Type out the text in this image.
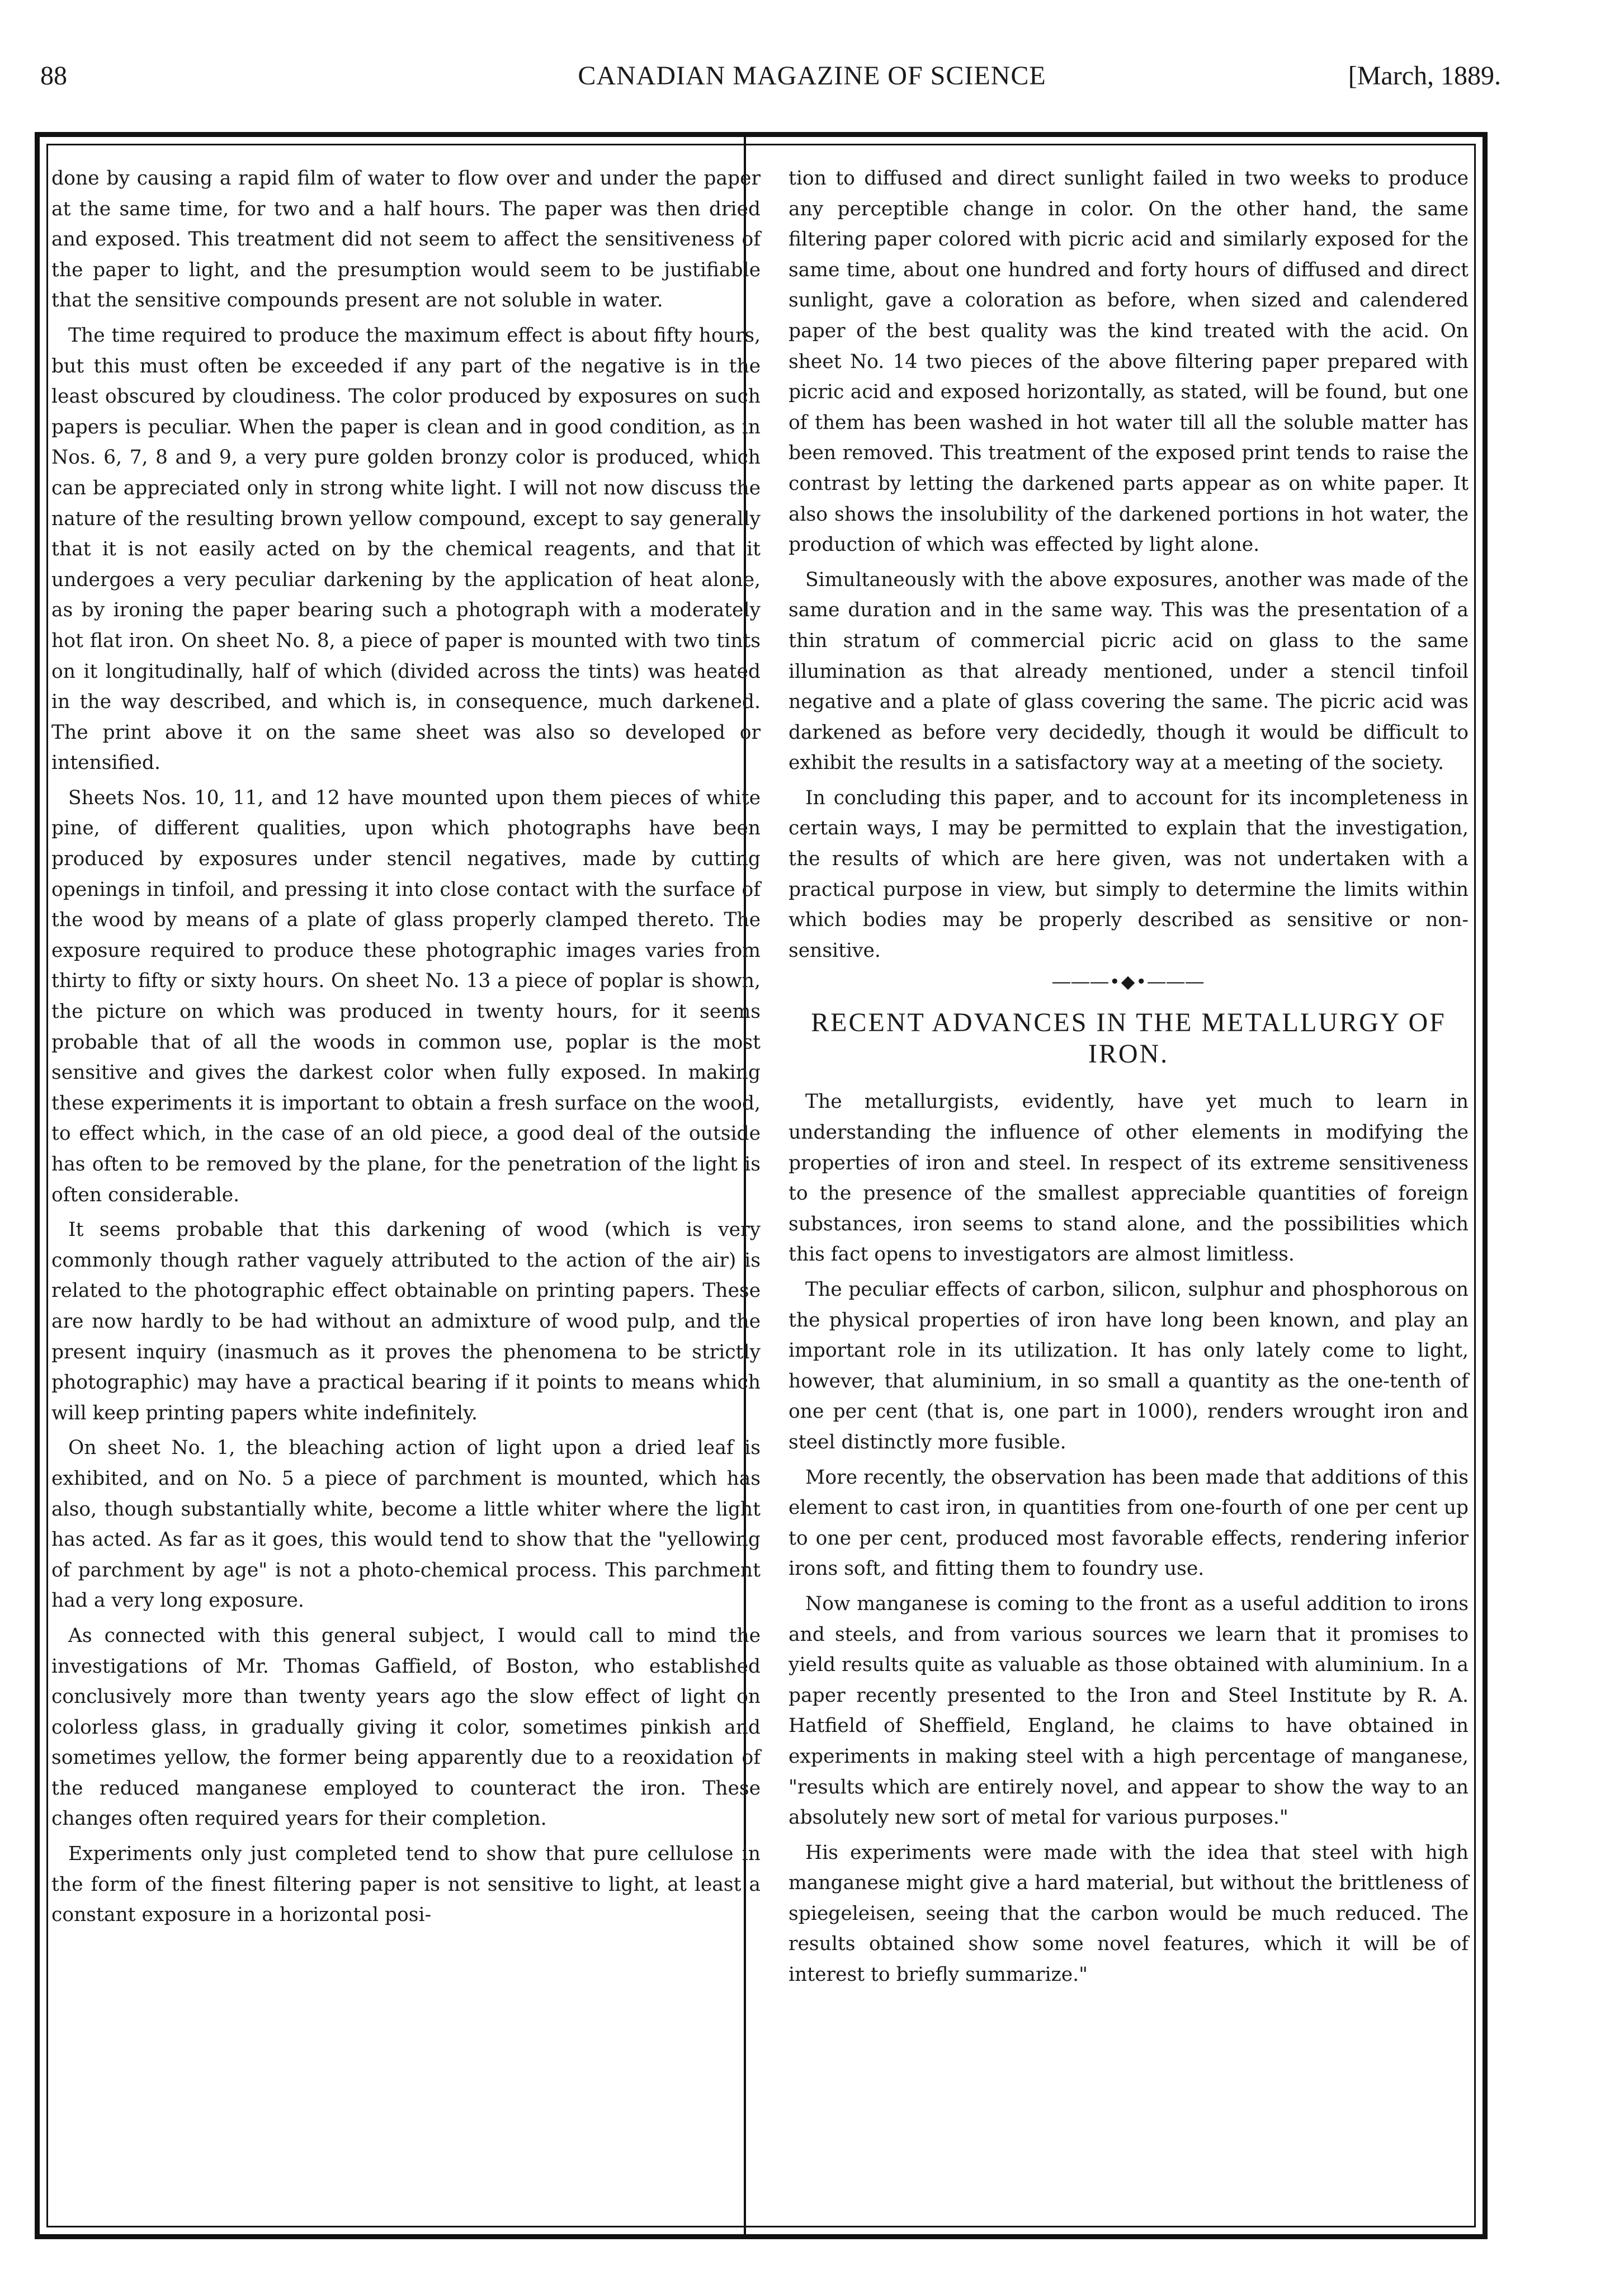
88	CANADIAN MAGAZINE OF SCIENCE	[March, 1889.

done by causing a rapid film of water to flow over and under the paper at the same time, for two and a half hours. The paper was then dried and exposed. This treatment did not seem to affect the sensitiveness of the paper to light, and the presumption would seem to be justifiable that the sensitive compounds present are not soluble in water.

The time required to produce the maximum effect is about fifty hours, but this must often be exceeded if any part of the negative is in the least obscured by cloudiness. The color produced by exposures on such papers is peculiar. When the paper is clean and in good condition, as in Nos. 6, 7, 8 and 9, a very pure golden bronzy color is produced, which can be appreciated only in strong white light. I will not now discuss the nature of the resulting brown yellow compound, except to say generally that it is not easily acted on by the chemical reagents, and that it undergoes a very peculiar darkening by the application of heat alone, as by ironing the paper bearing such a photograph with a moderately hot flat iron. On sheet No. 8, a piece of paper is mounted with two tints on it longitudinally, half of which (divided across the tints) was heated in the way described, and which is, in consequence, much darkened. The print above it on the same sheet was also so developed or intensified.

Sheets Nos. 10, 11, and 12 have mounted upon them pieces of white pine, of different qualities, upon which photographs have been produced by exposures under stencil negatives, made by cutting openings in tinfoil, and pressing it into close contact with the surface of the wood by means of a plate of glass properly clamped thereto. The exposure required to produce these photographic images varies from thirty to fifty or sixty hours. On sheet No. 13 a piece of poplar is shown, the picture on which was produced in twenty hours, for it seems probable that of all the woods in common use, poplar is the most sensitive and gives the darkest color when fully exposed. In making these experiments it is important to obtain a fresh surface on the wood, to effect which, in the case of an old piece, a good deal of the outside has often to be removed by the plane, for the penetration of the light is often considerable.

It seems probable that this darkening of wood (which is very commonly though rather vaguely attributed to the action of the air) is related to the photographic effect obtainable on printing papers. These are now hardly to be had without an admixture of wood pulp, and the present inquiry (inasmuch as it proves the phenomena to be strictly photographic) may have a practical bearing if it points to means which will keep printing papers white indefinitely.

On sheet No. 1, the bleaching action of light upon a dried leaf is exhibited, and on No. 5 a piece of parchment is mounted, which has also, though substantially white, become a little whiter where the light has acted. As far as it goes, this would tend to show that the "yellowing of parchment by age" is not a photo-chemical process. This parchment had a very long exposure.

As connected with this general subject, I would call to mind the investigations of Mr. Thomas Gaffield, of Boston, who established conclusively more than twenty years ago the slow effect of light on colorless glass, in gradually giving it color, sometimes pinkish and sometimes yellow, the former being apparently due to a reoxidation of the reduced manganese employed to counteract the iron. These changes often required years for their completion.

Experiments only just completed tend to show that pure cellulose in the form of the finest filtering paper is not sensitive to light, at least a constant exposure in a horizontal posi-

tion to diffused and direct sunlight failed in two weeks to produce any perceptible change in color. On the other hand, the same filtering paper colored with picric acid and similarly exposed for the same time, about one hundred and forty hours of diffused and direct sunlight, gave a coloration as before, when sized and calendered paper of the best quality was the kind treated with the acid. On sheet No. 14 two pieces of the above filtering paper prepared with picric acid and exposed horizontally, as stated, will be found, but one of them has been washed in hot water till all the soluble matter has been removed. This treatment of the exposed print tends to raise the contrast by letting the darkened parts appear as on white paper. It also shows the insolubility of the darkened portions in hot water, the production of which was effected by light alone.

Simultaneously with the above exposures, another was made of the same duration and in the same way. This was the presentation of a thin stratum of commercial picric acid on glass to the same illumination as that already mentioned, under a stencil tinfoil negative and a plate of glass covering the same. The picric acid was darkened as before very decidedly, though it would be difficult to exhibit the results in a satisfactory way at a meeting of the society.

In concluding this paper, and to account for its incompleteness in certain ways, I may be permitted to explain that the investigation, the results of which are here given, was not undertaken with a practical purpose in view, but simply to determine the limits within which bodies may be properly described as sensitive or non-sensitive.

―――•◆•―――
RECENT ADVANCES IN THE METALLURGY OF IRON.

The metallurgists, evidently, have yet much to learn in understanding the influence of other elements in modifying the properties of iron and steel. In respect of its extreme sensitiveness to the presence of the smallest appreciable quantities of foreign substances, iron seems to stand alone, and the possibilities which this fact opens to investigators are almost limitless.

The peculiar effects of carbon, silicon, sulphur and phosphorous on the physical properties of iron have long been known, and play an important role in its utilization. It has only lately come to light, however, that aluminium, in so small a quantity as the one-tenth of one per cent (that is, one part in 1000), renders wrought iron and steel distinctly more fusible.

More recently, the observation has been made that additions of this element to cast iron, in quantities from one-fourth of one per cent up to one per cent, produced most favorable effects, rendering inferior irons soft, and fitting them to foundry use.

Now manganese is coming to the front as a useful addition to irons and steels, and from various sources we learn that it promises to yield results quite as valuable as those obtained with aluminium. In a paper recently presented to the Iron and Steel Institute by R. A. Hatfield of Sheffield, England, he claims to have obtained in experiments in making steel with a high percentage of manganese, "results which are entirely novel, and appear to show the way to an absolutely new sort of metal for various purposes."

His experiments were made with the idea that steel with high manganese might give a hard material, but without the brittleness of spiegeleisen, seeing that the carbon would be much reduced. The results obtained show some novel features, which it will be of interest to briefly summarize."
